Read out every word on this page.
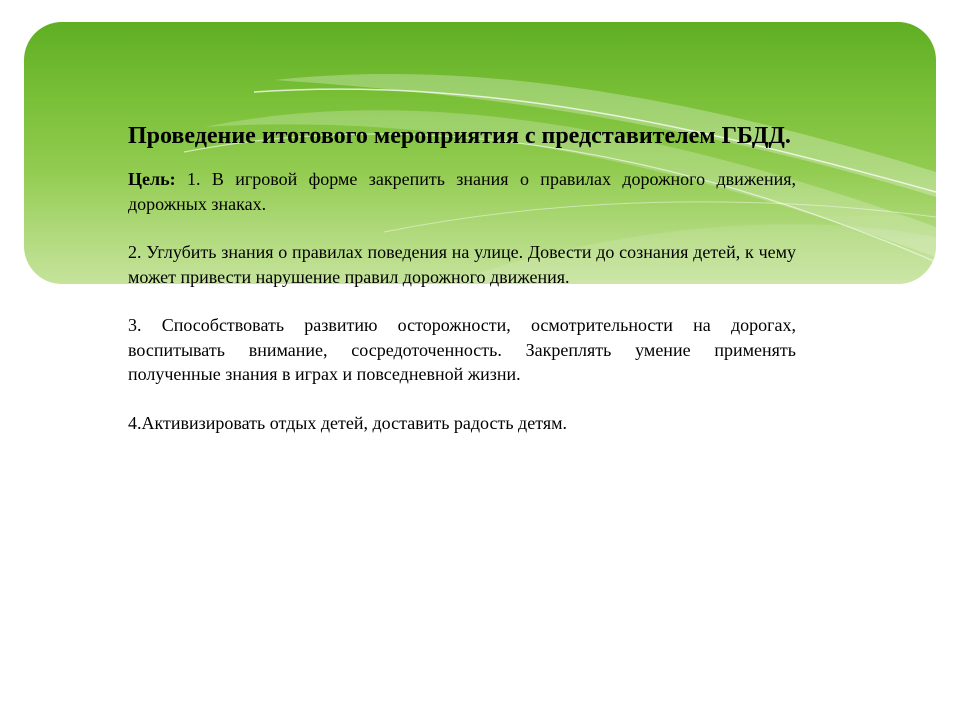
Проведение итогового мероприятия с представителем ГБДД.

Цель: 1. В игровой форме закрепить знания о правилах дорожного движения, дорожных знаках.

2. Углубить знания о правилах поведения на улице. Довести до сознания детей, к чему может привести нарушение правил дорожного движения.

3. Способствовать развитию осторожности, осмотрительности на дорогах, воспитывать внимание, сосредоточенность. Закреплять умение применять полученные знания в играх и повседневной жизни.

4.Активизировать отдых детей, доставить радость детям.
